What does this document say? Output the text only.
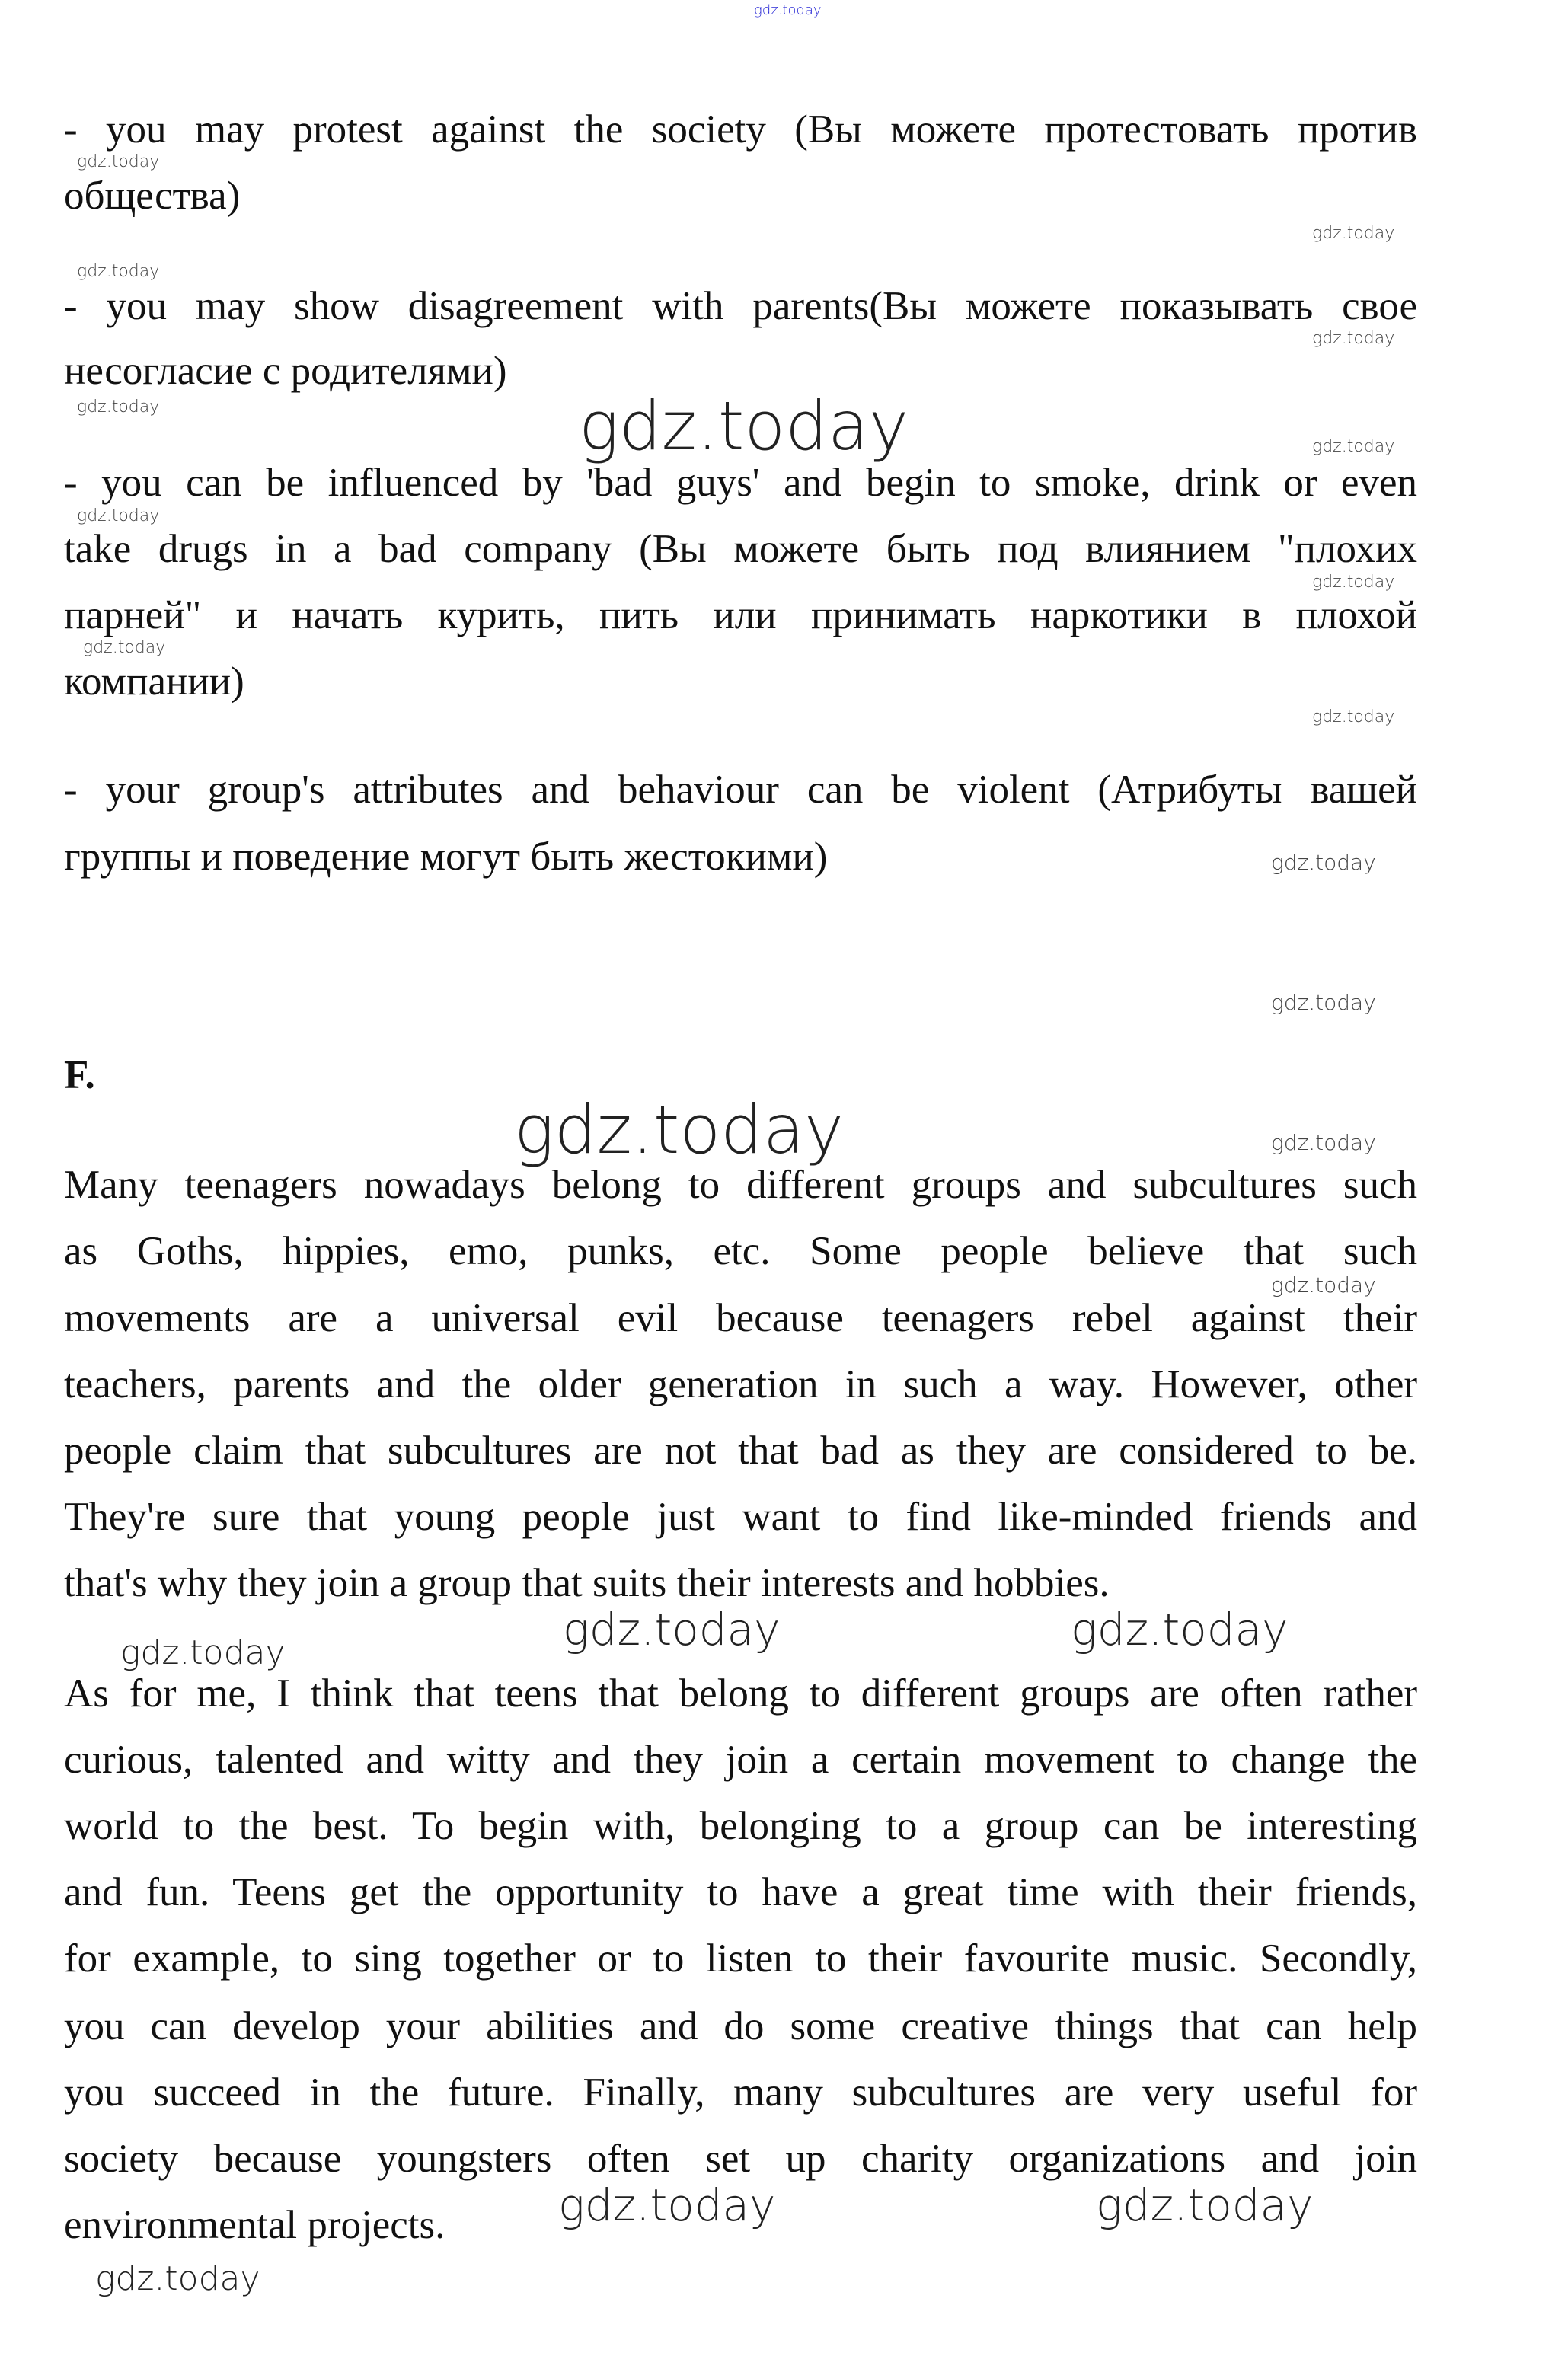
gdz.today
- you may protest against the society (Вы можете протестовать против
общества)
- you may show disagreement with parents(Вы можете показывать свое
несогласие с родителями)
- you can be influenced by 'bad guys' and begin to smoke, drink or even
take drugs in a bad company (Вы можете быть под влиянием "плохих
парней" и начать курить, пить или принимать наркотики в плохой
компании)
- your group's attributes and behaviour can be violent (Атрибуты вашей
группы и поведение могут быть жестокими)
F.
Many teenagers nowadays belong to different groups and subcultures such
as Goths, hippies, emo, punks, etc. Some people believe that such
movements are a universal evil because teenagers rebel against their
teachers, parents and the older generation in such a way. However, other
people claim that subcultures are not that bad as they are considered to be.
They're sure that young people just want to find like-minded friends and
that's why they join a group that suits their interests and hobbies.
As for me, I think that teens that belong to different groups are often rather
curious, talented and witty and they join a certain movement to change the
world to the best. To begin with, belonging to a group can be interesting
and fun. Teens get the opportunity to have a great time with their friends,
for example, to sing together or to listen to their favourite music. Secondly,
you can develop your abilities and do some creative things that can help
you succeed in the future. Finally, many subcultures are very useful for
society because youngsters often set up charity organizations and join
environmental projects.
gdz.today
gdz.today
gdz.today
gdz.today
gdz.today
gdz.today
gdz.today
gdz.today
gdz.today
gdz.today
gdz.today
gdz.today
gdz.today
gdz.today
gdz.today
gdz.today
gdz.today	gdz.today	gdz.today
gdz.today
gdz.today	gdz.today
